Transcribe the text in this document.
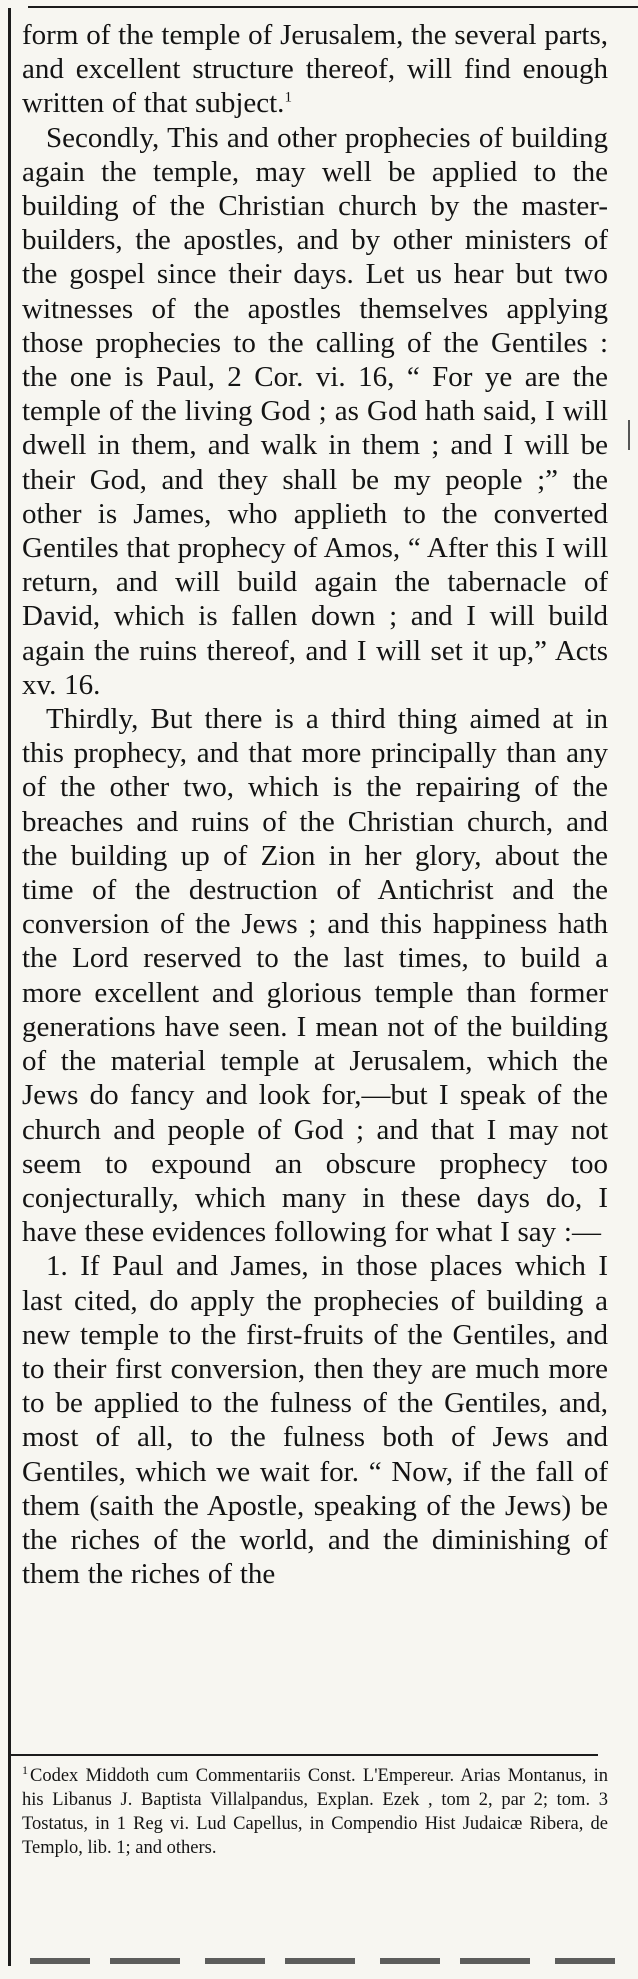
form of the temple of Jerusalem, the several parts, and excellent structure thereof, will find enough written of that subject.$^1$

Secondly, This and other prophecies of building again the temple, may well be applied to the building of the Christian church by the master-builders, the apostles, and by other ministers of the gospel since their days. Let us hear but two witnesses of the apostles themselves applying those prophecies to the calling of the Gentiles : the one is Paul, 2 Cor. vi. 16, “ For ye are the temple of the living God ; as God hath said, I will dwell in them, and walk in them ; and I will be their God, and they shall be my people ;” the other is James, who applieth to the converted Gentiles that prophecy of Amos, “ After this I will return, and will build again the tabernacle of David, which is fallen down ; and I will build again the ruins thereof, and I will set it up,” Acts xv. 16.

Thirdly, But there is a third thing aimed at in this prophecy, and that more principally than any of the other two, which is the repairing of the breaches and ruins of the Christian church, and the building up of Zion in her glory, about the time of the destruction of Antichrist and the conversion of the Jews ; and this happiness hath the Lord reserved to the last times, to build a more excellent and glorious temple than former generations have seen. I mean not of the building of the material temple at Jerusalem, which the Jews do fancy and look for,—but I speak of the church and people of God ; and that I may not seem to expound an obscure prophecy too conjecturally, which many in these days do, I have these evidences following for what I say :—

1. If Paul and James, in those places which I last cited, do apply the prophecies of building a new temple to the first-fruits of the Gentiles, and to their first conversion, then they are much more to be applied to the fulness of the Gentiles, and, most of all, to the fulness both of Jews and Gentiles, which we wait for. “ Now, if the fall of them (saith the Apostle, speaking of the Jews) be the riches of the world, and the diminishing of them the riches of the

$^1$ Codex Middoth cum Commentariis Const. L'Empereur. Arias Montanus, in his Libanus J. Baptista Villalpandus, Explan. Ezek , tom 2, par 2; tom. 3 Tostatus, in 1 Reg vi. Lud Capellus, in Compendio Hist Judaicæ Ribera, de Templo, lib. 1; and others.
